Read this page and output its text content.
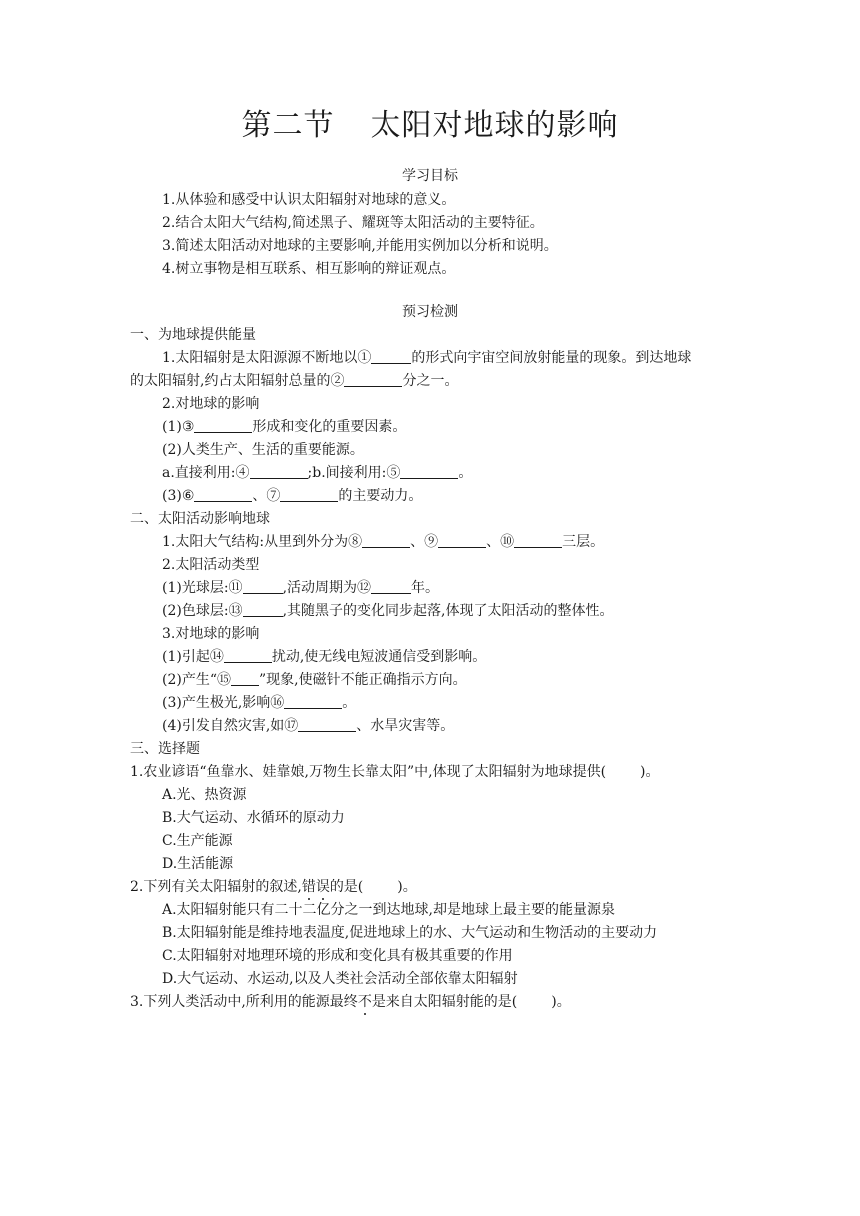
第二节 太阳对地球的影响
学习目标
1.从体验和感受中认识太阳辐射对地球的意义。
2.结合太阳大气结构,简述黑子、耀斑等太阳活动的主要特征。
3.简述太阳活动对地球的主要影响,并能用实例加以分析和说明。
4.树立事物是相互联系、相互影响的辩证观点。
预习检测
一、为地球提供能量
1.太阳辐射是太阳源源不断地以①	的形式向宇宙空间放射能量的现象。到达地球
的太阳辐射,约占太阳辐射总量的②	分之一。
2.对地球的影响
(1)③	形成和变化的重要因素。
(2)人类生产、生活的重要能源。
a.直接利用:④	;b.间接利用:⑤	。
(3)⑥	、⑦	的主要动力。
二、太阳活动影响地球
1.太阳大气结构:从里到外分为⑧	、⑨	、⑩	三层。
2.太阳活动类型
(1)光球层:⑪	,活动周期为⑫	年。
(2)色球层:⑬	,其随黑子的变化同步起落,体现了太阳活动的整体性。
3.对地球的影响
(1)引起⑭	扰动,使无线电短波通信受到影响。
(2)产生“⑮ ”现象,使磁针不能正确指示方向。
(3)产生极光,影响⑯	。
(4)引发自然灾害,如⑰	、水旱灾害等。
三、选择题
1.农业谚语“鱼靠水、娃靠娘,万物生长靠太阳”中,体现了太阳辐射为地球提供( )。
A.光、热资源
B.大气运动、水循环的原动力
C.生产能源
D.生活能源
2.下列有关太阳辐射的叙述,错误的是( )。
A.太阳辐射能只有二十二亿分之一到达地球,却是地球上最主要的能量源泉
B.太阳辐射能是维持地表温度,促进地球上的水、大气运动和生物活动的主要动力
C.太阳辐射对地理环境的形成和变化具有极其重要的作用
D.大气运动、水运动,以及人类社会活动全部依靠太阳辐射
3.下列人类活动中,所利用的能源最终不是来自太阳辐射能的是( )。
